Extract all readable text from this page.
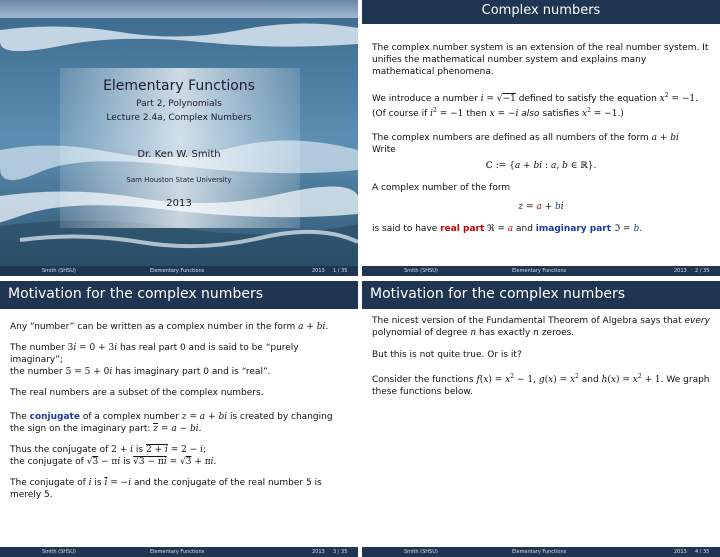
Elementary Functions
Part 2, Polynomials
Lecture 2.4a, Complex Numbers
Dr. Ken W. Smith
Sam Houston State University
2013
Smith (SHSU)	Elementary Functions	2013 1 / 35
Complex numbers

The complex number system is an extension of the real number system. It unifies the mathematical number system and explains many mathematical phenomena.

We introduce a number i = √−1 defined to satisfy the equation $x^2 = -1$.
(Of course if $i^2 = -1$ then x = −i also satisfies $x^2 = -1$.)

The complex numbers are defined as all numbers of the form a + bi
Write

ℂ := {a + bi : a, b ∈ ℝ}.

A complex number of the form

z = a + bi

is said to have real part ℜ = a and imaginary part ℑ = b.

Smith (SHSU)	Elementary Functions	2013 2 / 35
Motivation for the complex numbers

Any “number” can be written as a complex number in the form a + bi.

The number 3i = 0 + 3i has real part 0 and is said to be “purely imaginary”;
the number 5 = 5 + 0i has imaginary part 0 and is “real”.

The real numbers are a subset of the complex numbers.

The conjugate of a complex number z = a + bi is created by changing the sign on the imaginary part: $\overline{z} = a$ − bi.

Thus the conjugate of 2 + i is 2 + i = 2 − i;
the conjugate of √3 − πi is √3 − πi = √3 + πi.

The conjugate of i is $\overline{i} = -i$ and the conjugate of the real number 5 is merely 5.

Smith (SHSU)	Elementary Functions	2013 3 / 35
Motivation for the complex numbers

The nicest version of the Fundamental Theorem of Algebra says that every polynomial of degree n has exactly n zeroes.

But this is not quite true. Or is it?

Consider the functions $f(x) = x^2 - 1$, $g(x) = x^2$ and $h(x) = x^2 + 1$. We graph these functions below.

Smith (SHSU)	Elementary Functions	2013 4 / 35
